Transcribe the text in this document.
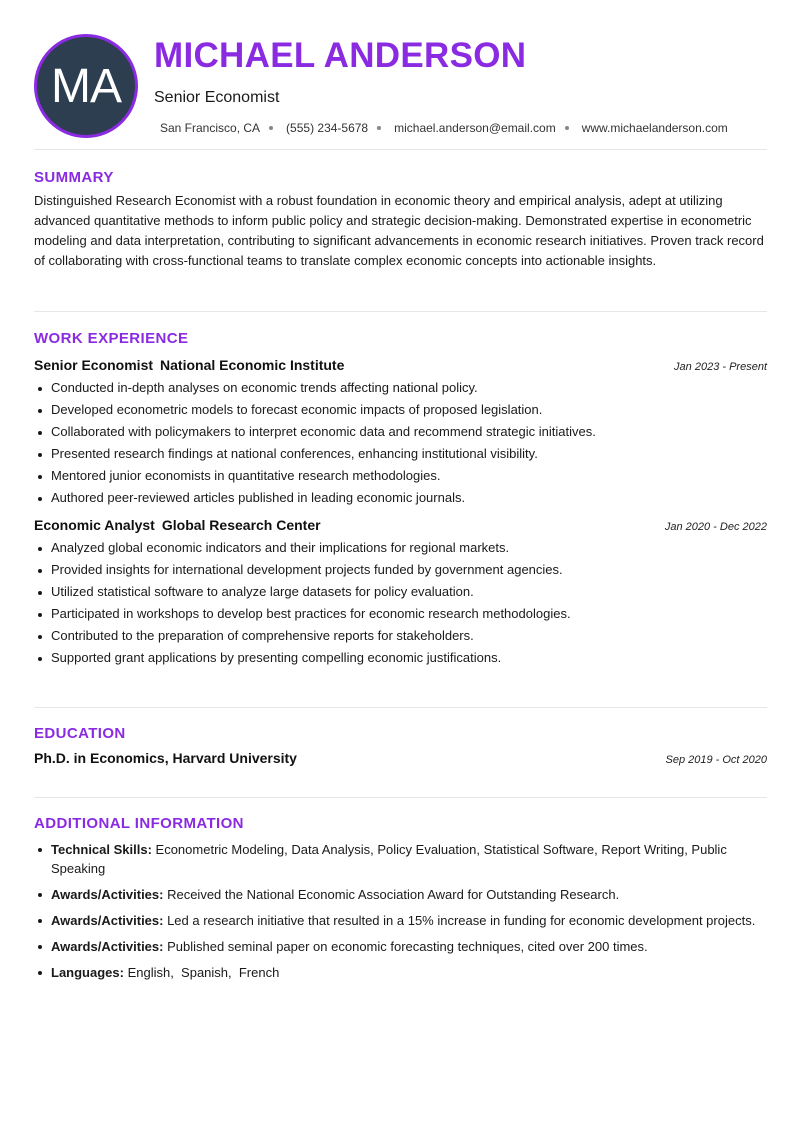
MA
MICHAEL ANDERSON
Senior Economist
San Francisco, CA (555) 234-5678 michael.anderson@email.com www.michaelanderson.com
SUMMARY

Distinguished Research Economist with a robust foundation in economic theory and empirical analysis, adept at utilizing advanced quantitative methods to inform public policy and strategic decision-making. Demonstrated expertise in econometric modeling and data interpretation, contributing to significant advancements in economic research initiatives. Proven track record of collaborating with cross-functional teams to translate complex economic concepts into actionable insights.

WORK EXPERIENCE
Senior Economist National Economic Institute	Jan 2023 - Present
Conducted in-depth analyses on economic trends affecting national policy.
Developed econometric models to forecast economic impacts of proposed legislation.
Collaborated with policymakers to interpret economic data and recommend strategic initiatives.
Presented research findings at national conferences, enhancing institutional visibility.
Mentored junior economists in quantitative research methodologies.
Authored peer-reviewed articles published in leading economic journals.
Economic Analyst Global Research Center	Jan 2020 - Dec 2022
Analyzed global economic indicators and their implications for regional markets.
Provided insights for international development projects funded by government agencies.
Utilized statistical software to analyze large datasets for policy evaluation.
Participated in workshops to develop best practices for economic research methodologies.
Contributed to the preparation of comprehensive reports for stakeholders.
Supported grant applications by presenting compelling economic justifications.
EDUCATION
Ph.D. in Economics, Harvard University	Sep 2019 - Oct 2020
ADDITIONAL INFORMATION
Technical Skills: Econometric Modeling, Data Analysis, Policy Evaluation, Statistical Software, Report Writing, Public Speaking
Awards/Activities: Received the National Economic Association Award for Outstanding Research.
Awards/Activities: Led a research initiative that resulted in a 15% increase in funding for economic development projects.
Awards/Activities: Published seminal paper on economic forecasting techniques, cited over 200 times.
Languages: English,  Spanish,  French
